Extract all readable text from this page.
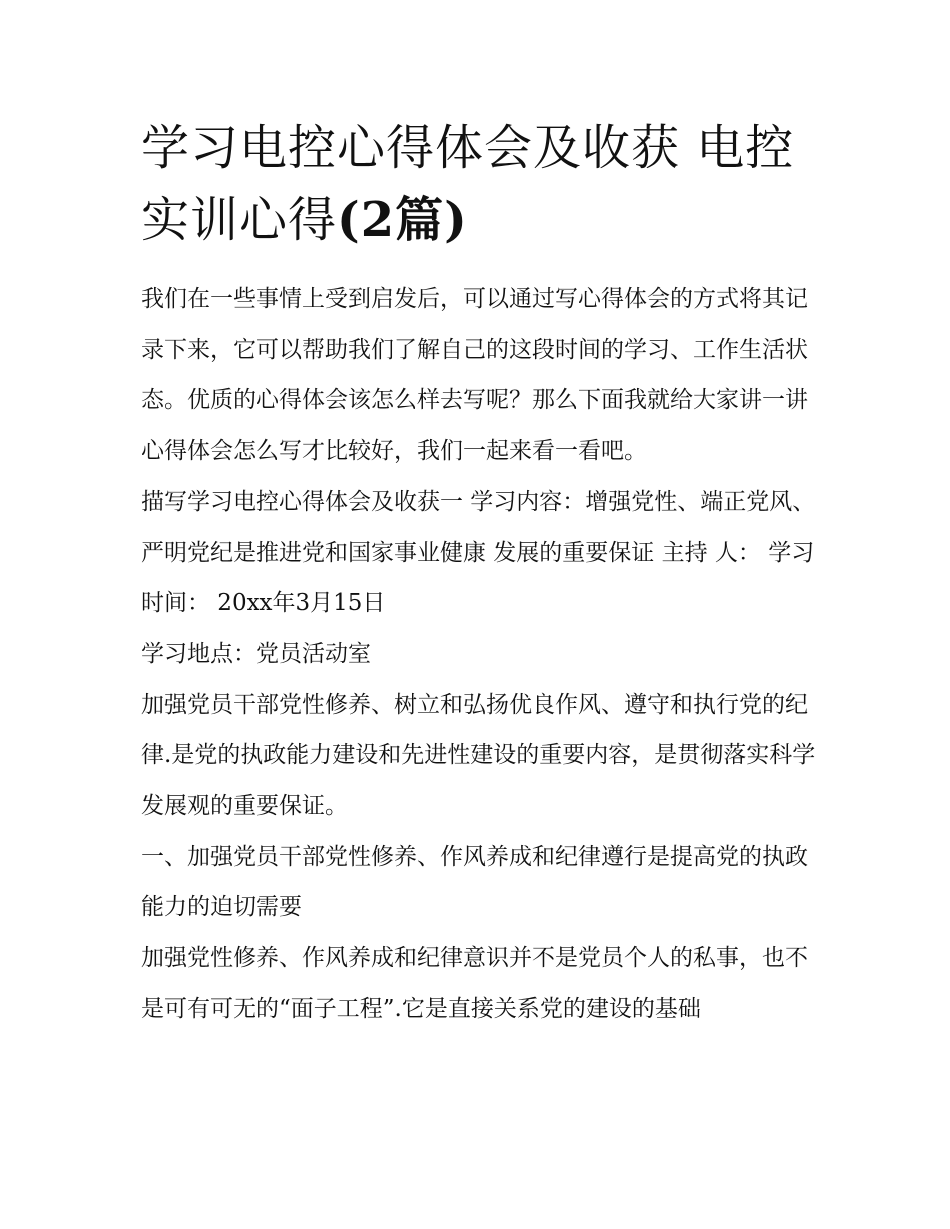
学习电控心得体会及收获 电控实训心得(2篇)

我们在一些事情上受到启发后，可以通过写心得体会的方式将其记录下来，它可以帮助我们了解自己的这段时间的学习、工作生活状态。优质的心得体会该怎么样去写呢？那么下面我就给大家讲一讲心得体会怎么写才比较好，我们一起来看一看吧。

描写学习电控心得体会及收获一 学习内容：增强党性、端正党风、严明党纪是推进党和国家事业健康 发展的重要保证 主持 人： 学习时间： 20xx年3月15日

学习地点：党员活动室

加强党员干部党性修养、树立和弘扬优良作风、遵守和执行党的纪律.是党的执政能力建设和先进性建设的重要内容，是贯彻落实科学发展观的重要保证。

一、加强党员干部党性修养、作风养成和纪律遵行是提高党的执政能力的迫切需要

加强党性修养、作风养成和纪律意识并不是党员个人的私事，也不是可有可无的“面子工程”.它是直接关系党的建设的基础
